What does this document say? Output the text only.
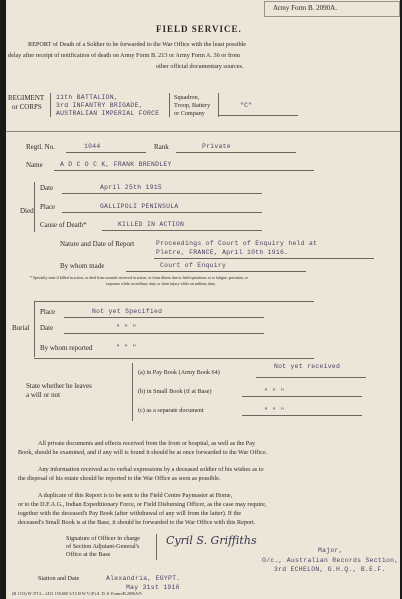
Army Form B. 2090A.
FIELD SERVICE.
REPORT of Death of a Soldier to be forwarded to the War Office with the least possible
delay after receipt of notification of death on Army Form B. 213 or Army Form A. 36 or from
other official documentary sources.
REGIMENT
or CORPS
11th BATTALION,
3rd INFANTRY BRIGADE,
AUSTRALIAN IMPERIAL FORCE
Squadron,
Troop, Battery
or Company
"C"
Regtl. No.	1044	Rank	Private
Name	A D C O C K, FRANK BRENDLEY
Died
Date	April 25th 1915
Place	GALLIPOLI PENINSULA
Cause of Death*	KILLED IN ACTION
Nature and Date of Report	Proceedings of Court of Enquiry held at
Pletre, FRANCE, April 10th 1916.
By whom made	Court of Enquiry
* Specially state if killed in action, or died from wounds received in action, or from illness due to field operations or to fatigue, privation, or
exposure while on military duty, or from injury while on military duty.
Burial
Place	Not yet Specified
Date	" " "
By whom reported	" " "
State whether he leaves
a will or not
(a) in Pay Book (Army Book 64)
Not yet received
(b) in Small Book (if at Base)	" " "
(c) as a separate document	" " "
All private documents and effects received from the front or hospital, as well as the Pay
Book, should be examined, and if any will is found it should be at once forwarded to the War Office.
Any information received as to verbal expressions by a deceased soldier of his wishes as to
the disposal of his estate should be reported to the War Office as soon as possible.
A duplicate of this Report is to be sent to the Field Centre Paymaster at Home,
or to the D.F.A.G., Indian Expeditionary Force, or Field Disbursing Officer, as the case may require,
together with the deceased's Pay Book (after withdrawal of any will from the latter). If the
deceased's Small Book is at the Base, it should be forwarded to the War Office with this Report.
Signature of Officer in charge
of Section Adjutant-General's
Office at the Base
Cyril S. Griffiths
Major,
O/c., Australian Records Section,
3rd ECHELON, G.H.Q., B.E.F.
Station and Date	Alexandria, EGYPT.
May 31st 1916
(B 1113) W 3713—1431 150,000 3/15 H W V (P) A. D. S. Forms/B.2090A/9.
